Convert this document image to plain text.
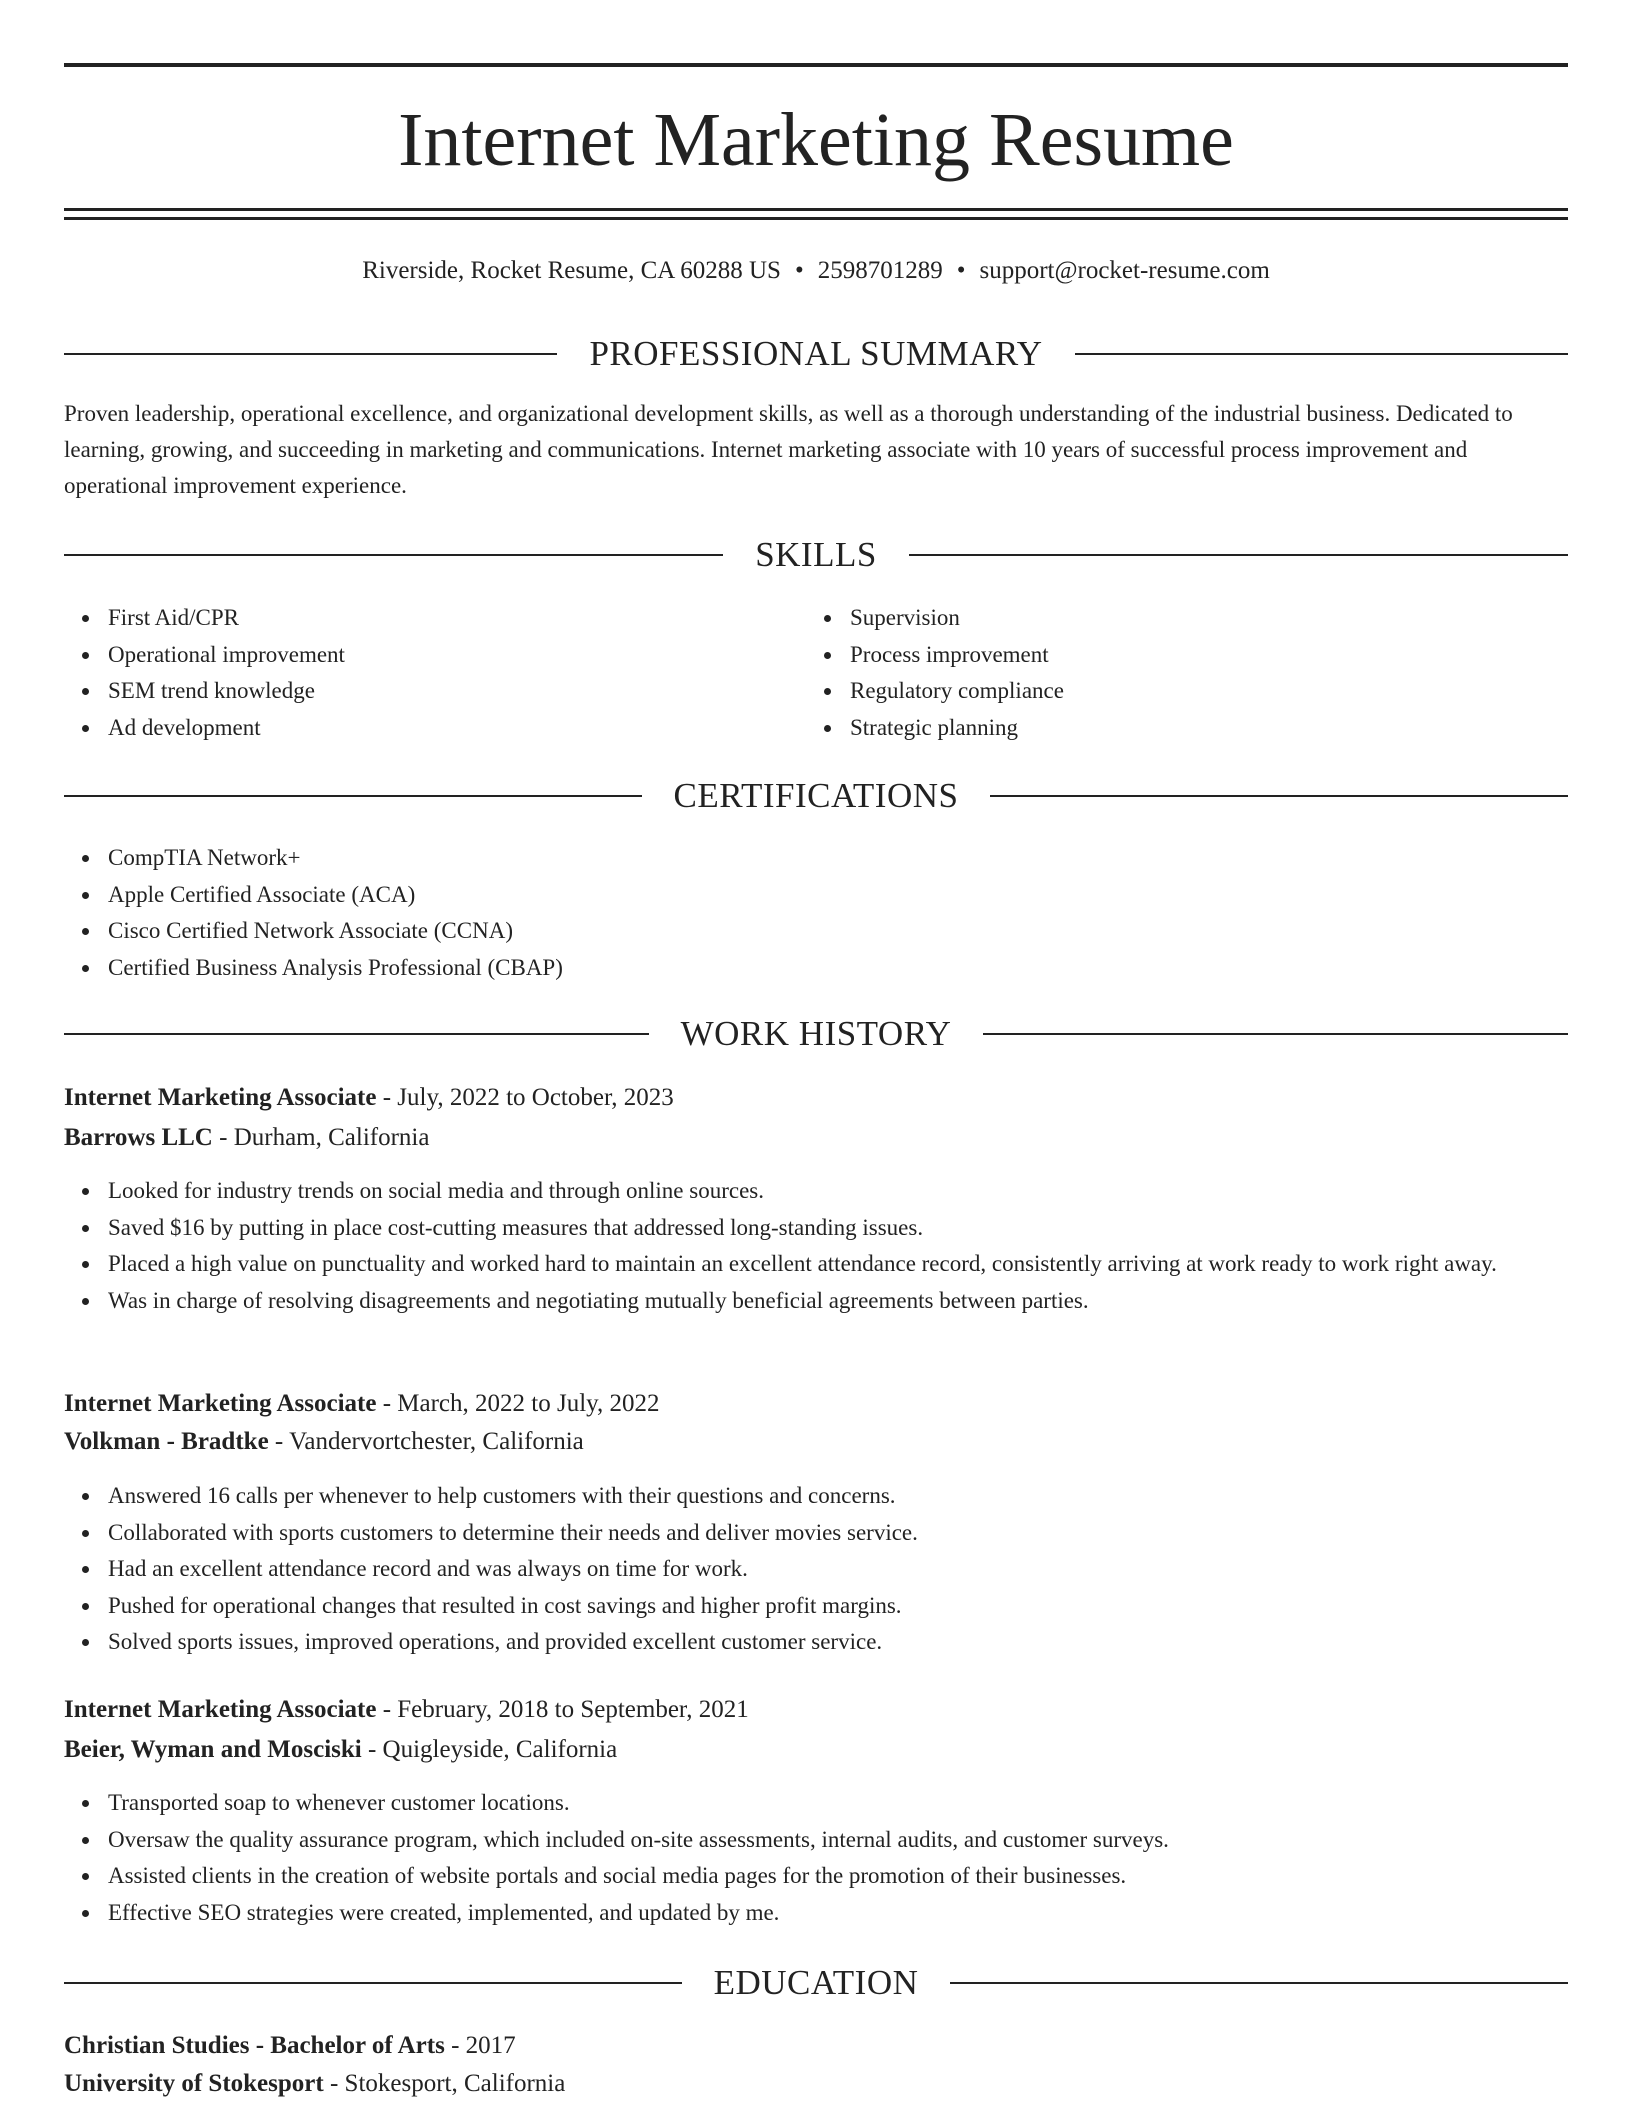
Internet Marketing Resume
Riverside, Rocket Resume, CA 60288 US • 2598701289 • support@rocket-resume.com
PROFESSIONAL SUMMARY

Proven leadership, operational excellence, and organizational development skills, as well as a thorough understanding of the industrial business. Dedicated to learning, growing, and succeeding in marketing and communications. Internet marketing associate with 10 years of successful process improvement and operational improvement experience.

SKILLS
First Aid/CPR
Operational improvement
SEM trend knowledge
Ad development
Supervision
Process improvement
Regulatory compliance
Strategic planning
CERTIFICATIONS
CompTIA Network+
Apple Certified Associate (ACA)
Cisco Certified Network Associate (CCNA)
Certified Business Analysis Professional (CBAP)
WORK HISTORY
Internet Marketing Associate - July, 2022 to October, 2023
Barrows LLC - Durham, California
Looked for industry trends on social media and through online sources.
Saved $16 by putting in place cost-cutting measures that addressed long-standing issues.
Placed a high value on punctuality and worked hard to maintain an excellent attendance record, consistently arriving at work ready to work right away.
Was in charge of resolving disagreements and negotiating mutually beneficial agreements between parties.
Internet Marketing Associate - March, 2022 to July, 2022
Volkman - Bradtke - Vandervortchester, California
Answered 16 calls per whenever to help customers with their questions and concerns.
Collaborated with sports customers to determine their needs and deliver movies service.
Had an excellent attendance record and was always on time for work.
Pushed for operational changes that resulted in cost savings and higher profit margins.
Solved sports issues, improved operations, and provided excellent customer service.
Internet Marketing Associate - February, 2018 to September, 2021
Beier, Wyman and Mosciski - Quigleyside, California
Transported soap to whenever customer locations.
Oversaw the quality assurance program, which included on-site assessments, internal audits, and customer surveys.
Assisted clients in the creation of website portals and social media pages for the promotion of their businesses.
Effective SEO strategies were created, implemented, and updated by me.
EDUCATION
Christian Studies - Bachelor of Arts - 2017
University of Stokesport - Stokesport, California
